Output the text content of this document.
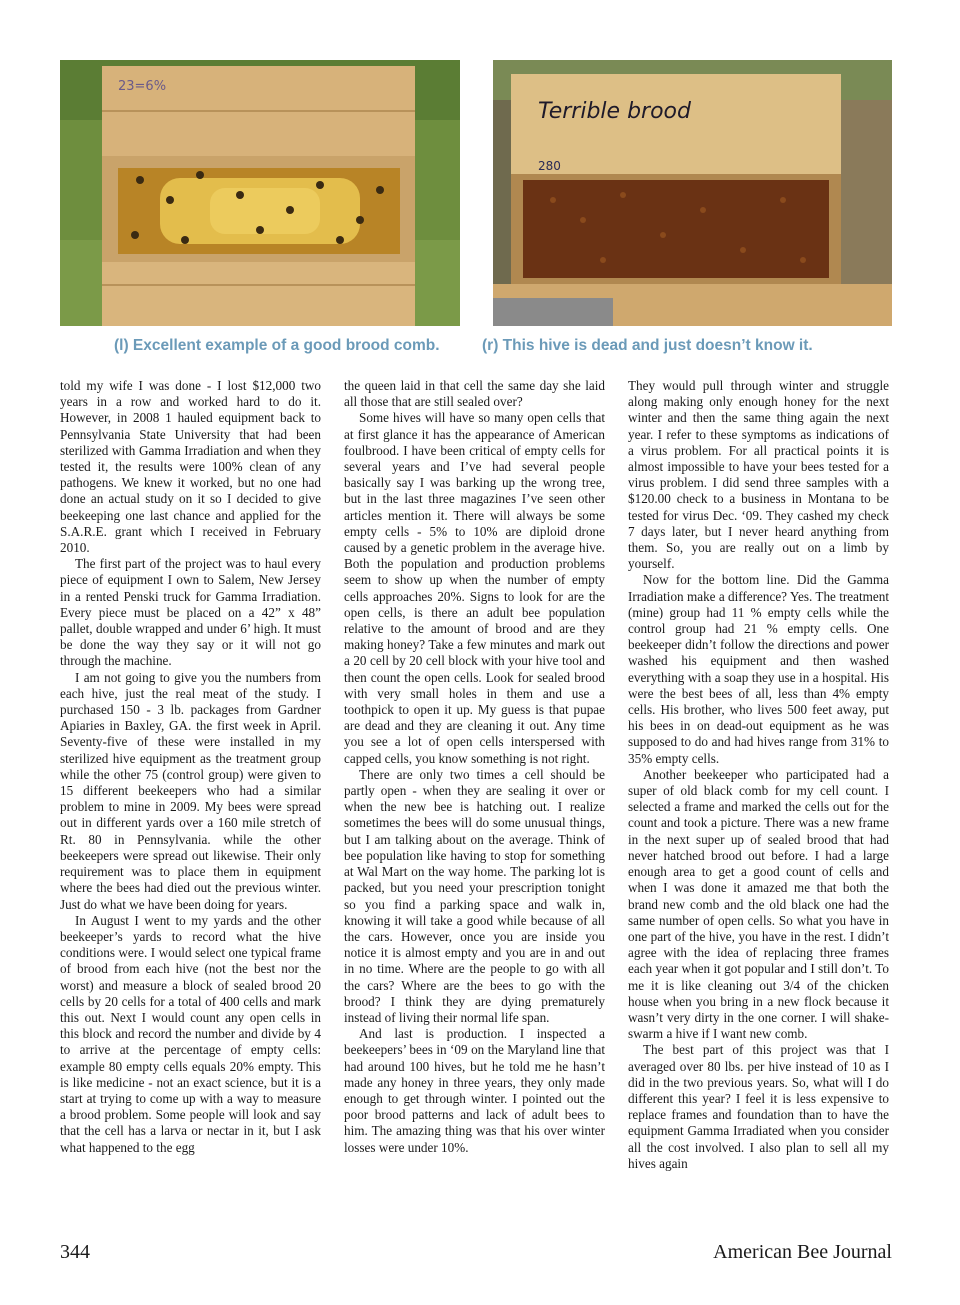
23=6%
Terrible brood
280
(l) Excellent example of a good brood comb.	(r) This hive is dead and just doesn’t know it.

told my wife I was done - I lost $12,000 two years in a row and worked hard to do it. However, in 2008 1 hauled equipment back to Pennsylvania State University that had been sterilized with Gamma Irradiation and when they tested it, the results were 100% clean of any pathogens. We knew it worked, but no one had done an actual study on it so I decided to give beekeeping one last chance and applied for the S.A.R.E. grant which I received in February 2010.

The first part of the project was to haul every piece of equipment I own to Salem, New Jersey in a rented Penski truck for Gamma Irradiation. Every piece must be placed on a 42” x 48” pallet, double wrapped and under 6’ high. It must be done the way they say or it will not go through the machine.

I am not going to give you the numbers from each hive, just the real meat of the study. I purchased 150 - 3 lb. packages from Gardner Apiaries in Baxley, GA. the first week in April. Seventy-five of these were installed in my sterilized hive equipment as the treatment group while the other 75 (control group) were given to 15 different beekeepers who had a similar problem to mine in 2009. My bees were spread out in different yards over a 160 mile stretch of Rt. 80 in Pennsylvania. while the other beekeepers were spread out likewise. Their only requirement was to place them in equipment where the bees had died out the previous winter. Just do what we have been doing for years.

In August I went to my yards and the other beekeeper’s yards to record what the hive conditions were. I would select one typical frame of brood from each hive (not the best nor the worst) and measure a block of sealed brood 20 cells by 20 cells for a total of 400 cells and mark this out. Next I would count any open cells in this block and record the number and divide by 4 to arrive at the percentage of empty cells: example 80 empty cells equals 20% empty. This is like medicine - not an exact science, but it is a start at trying to come up with a way to measure a brood problem. Some people will look and say that the cell has a larva or nectar in it, but I ask what happened to the egg

the queen laid in that cell the same day she laid all those that are still sealed over?

Some hives will have so many open cells that at first glance it has the appearance of American foulbrood. I have been critical of empty cells for several years and I’ve had several people basically say I was barking up the wrong tree, but in the last three magazines I’ve seen other articles mention it. There will always be some empty cells - 5% to 10% are diploid drone caused by a genetic problem in the average hive. Both the population and production problems seem to show up when the number of empty cells approaches 20%. Signs to look for are the open cells, is there an adult bee population relative to the amount of brood and are they making honey? Take a few minutes and mark out a 20 cell by 20 cell block with your hive tool and then count the open cells. Look for sealed brood with very small holes in them and use a toothpick to open it up. My guess is that pupae are dead and they are cleaning it out. Any time you see a lot of open cells interspersed with capped cells, you know something is not right.

There are only two times a cell should be partly open - when they are sealing it over or when the new bee is hatching out. I realize sometimes the bees will do some unusual things, but I am talking about on the average. Think of bee population like having to stop for something at Wal Mart on the way home. The parking lot is packed, but you need your prescription tonight so you find a parking space and walk in, knowing it will take a good while because of all the cars. However, once you are inside you notice it is almost empty and you are in and out in no time. Where are the people to go with all the cars? Where are the bees to go with the brood? I think they are dying prematurely instead of living their normal life span.

And last is production. I inspected a beekeepers’ bees in ‘09 on the Maryland line that had around 100 hives, but he told me he hasn’t made any honey in three years, they only made enough to get through winter. I pointed out the poor brood patterns and lack of adult bees to him. The amazing thing was that his over winter losses were under 10%.

They would pull through winter and struggle along making only enough honey for the next winter and then the same thing again the next year. I refer to these symptoms as indications of a virus problem. For all practical points it is almost impossible to have your bees tested for a virus problem. I did send three samples with a $120.00 check to a business in Montana to be tested for virus Dec. ‘09. They cashed my check 7 days later, but I never heard anything from them. So, you are really out on a limb by yourself.

Now for the bottom line. Did the Gamma Irradiation make a difference? Yes. The treatment (mine) group had 11 % empty cells while the control group had 21 % empty cells. One beekeeper didn’t follow the directions and power washed his equipment and then washed everything with a soap they use in a hospital. His were the best bees of all, less than 4% empty cells. His brother, who lives 500 feet away, put his bees in on dead-out equipment as he was supposed to do and had hives range from 31% to 35% empty cells.

Another beekeeper who participated had a super of old black comb for my cell count. I selected a frame and marked the cells out for the count and took a picture. There was a new frame in the next super up of sealed brood that had never hatched brood out before. I had a large enough area to get a good count of cells and when I was done it amazed me that both the brand new comb and the old black one had the same number of open cells. So what you have in one part of the hive, you have in the rest. I didn’t agree with the idea of replacing three frames each year when it got popular and I still don’t. To me it is like cleaning out 3/4 of the chicken house when you bring in a new flock because it wasn’t very dirty in the one corner. I will shake-swarm a hive if I want new comb.

The best part of this project was that I averaged over 80 lbs. per hive instead of 10 as I did in the two previous years. So, what will I do different this year? I feel it is less expensive to replace frames and foundation than to have the equipment Gamma Irradiated when you consider all the cost involved. I also plan to sell all my hives again

344	American Bee Journal
